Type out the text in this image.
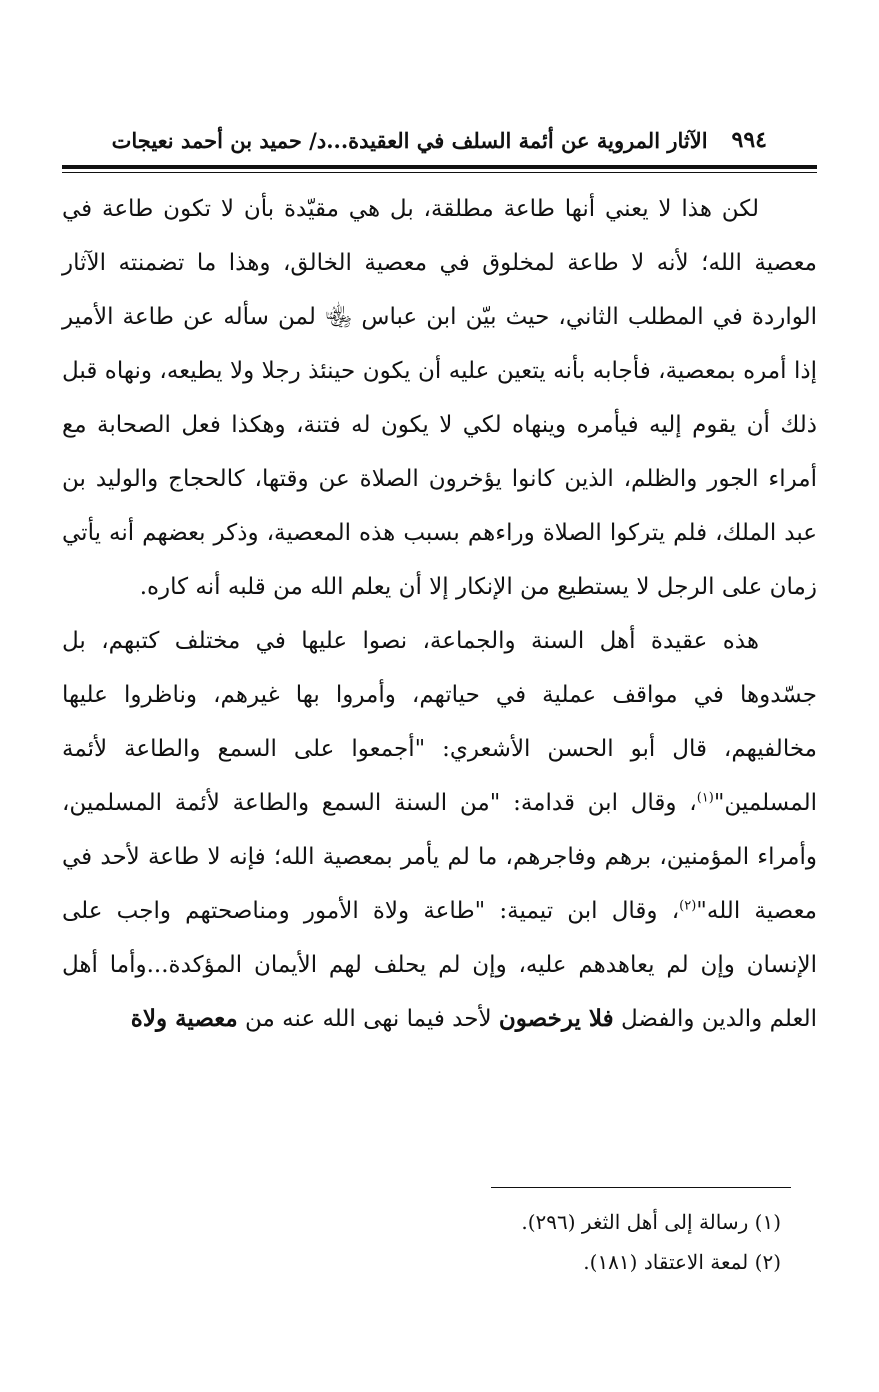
٩٩٤
الآثار المروية عن أئمة السلف في العقيدة...د/ حميد بن أحمد نعيجات

لكن هذا لا يعني أنها طاعة مطلقة، بل هي مقيّدة بأن لا تكون طاعة في معصية الله؛ لأنه لا طاعة لمخلوق في معصية الخالق، وهذا ما تضمنته الآثار الواردة في المطلب الثاني، حيث بيّن ابن عباس ﵄ لمن سأله عن طاعة الأمير إذا أمره بمعصية، فأجابه بأنه يتعين عليه أن يكون حينئذ رجلا ولا يطيعه، ونهاه قبل ذلك أن يقوم إليه فيأمره وينهاه لكي لا يكون له فتنة، وهكذا فعل الصحابة مع أمراء الجور والظلم، الذين كانوا يؤخرون الصلاة عن وقتها، كالحجاج والوليد بن عبد الملك، فلم يتركوا الصلاة وراءهم بسبب هذه المعصية، وذكر بعضهم أنه يأتي زمان على الرجل لا يستطيع من الإنكار إلا أن يعلم الله من قلبه أنه كاره.

هذه عقيدة أهل السنة والجماعة، نصوا عليها في مختلف كتبهم، بل جسّدوها في مواقف عملية في حياتهم، وأمروا بها غيرهم، وناظروا عليها مخالفيهم، قال أبو الحسن الأشعري: "أجمعوا على السمع والطاعة لأئمة المسلمين"$^{(١)}$، وقال ابن قدامة: "من السنة السمع والطاعة لأئمة المسلمين، وأمراء المؤمنين، برهم وفاجرهم، ما لم يأمر بمعصية الله؛ فإنه لا طاعة لأحد في معصية الله"$^{(٢)}$، وقال ابن تيمية: "طاعة ولاة الأمور ومناصحتهم واجب على الإنسان وإن لم يعاهدهم عليه، وإن لم يحلف لهم الأيمان المؤكدة...وأما أهل العلم والدين والفضل فلا يرخصون لأحد فيما نهى الله عنه من معصية ولاة

(١) رسالة إلى أهل الثغر (٢٩٦).
(٢) لمعة الاعتقاد (١٨١).
